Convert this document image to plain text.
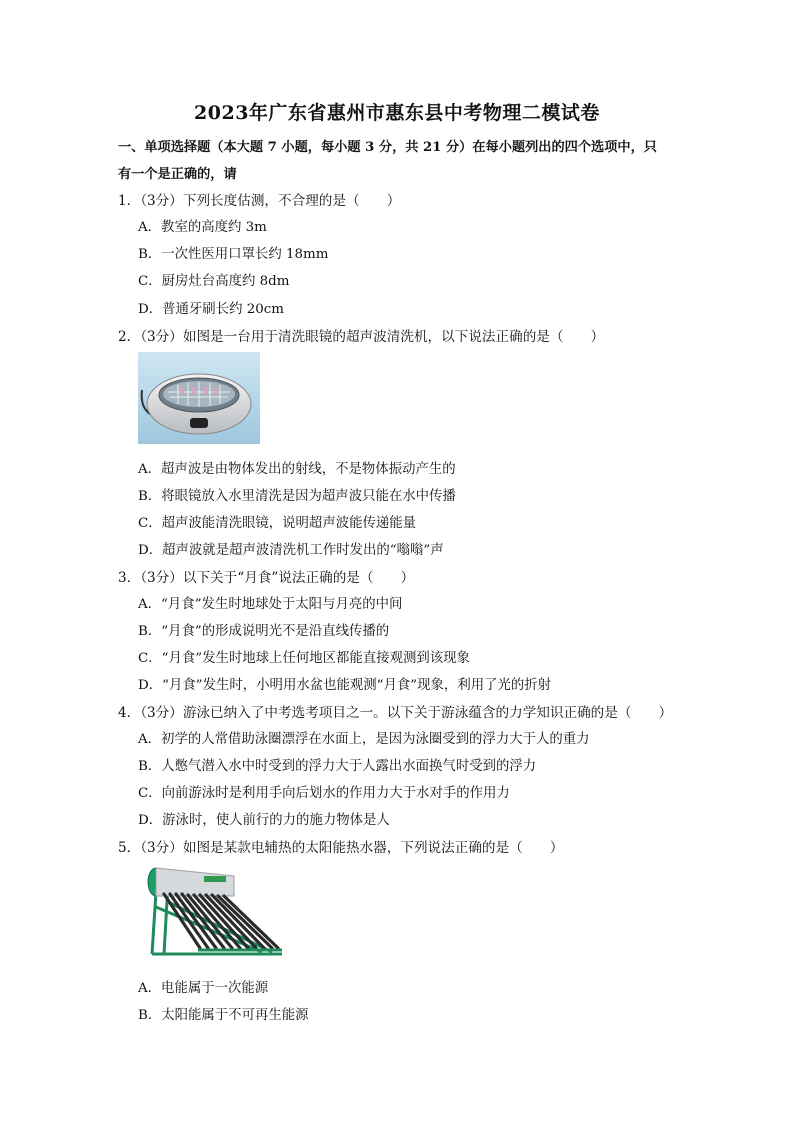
2023年广东省惠州市惠东县中考物理二模试卷
一、单项选择题（本大题 7 小题，每小题 3 分，共 21 分）在每小题列出的四个选项中，只
有一个是正确的，请
1．（3分）下列长度估测，不合理的是（　　）
A．教室的高度约 3m
B．一次性医用口罩长约 18mm
C．厨房灶台高度约 8dm
D．普通牙刷长约 20cm
2．（3分）如图是一台用于清洗眼镜的超声波清洗机，以下说法正确的是（　　）
A．超声波是由物体发出的射线，不是物体振动产生的
B．将眼镜放入水里清洗是因为超声波只能在水中传播
C．超声波能清洗眼镜，说明超声波能传递能量
D．超声波就是超声波清洗机工作时发出的“嗡嗡”声
3．（3分）以下关于“月食”说法正确的是（　　）
A．“月食”发生时地球处于太阳与月亮的中间
B．“月食”的形成说明光不是沿直线传播的
C．“月食”发生时地球上任何地区都能直接观测到该现象
D．“月食”发生时，小明用水盆也能观测“月食”现象，利用了光的折射
4．（3分）游泳已纳入了中考选考项目之一。以下关于游泳蕴含的力学知识正确的是（　　）
A．初学的人常借助泳圈漂浮在水面上，是因为泳圈受到的浮力大于人的重力
B．人憋气潜入水中时受到的浮力大于人露出水面换气时受到的浮力
C．向前游泳时是利用手向后划水的作用力大于水对手的作用力
D．游泳时，使人前行的力的施力物体是人
5．（3分）如图是某款电辅热的太阳能热水器，下列说法正确的是（　　）
A．电能属于一次能源
B．太阳能属于不可再生能源
